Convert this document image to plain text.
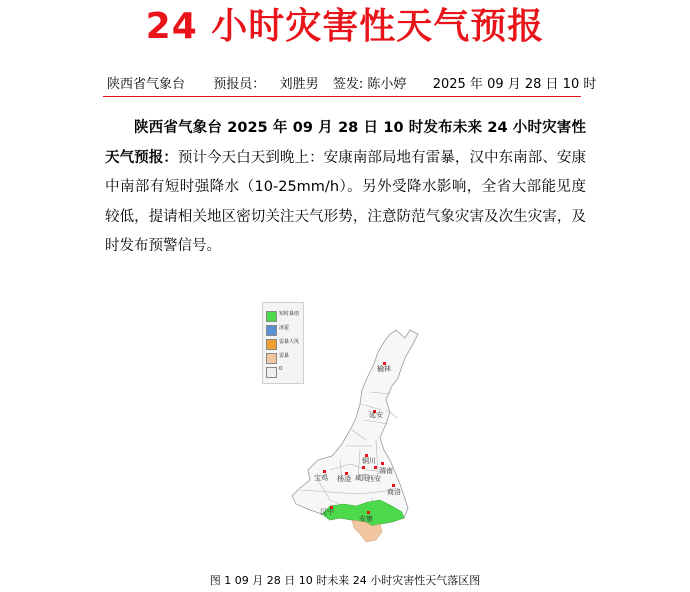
24 小时灾害性天气预报
陕西省气象台 预报员： 刘胜男 签发: 陈小婷 2025 年 09 月 28 日 10 时
陕西省气象台 2025 年 09 月 28 日 10 时发布未来 24 小时灾害性天气预报：预计今天白天到晚上：安康南部局地有雷暴，汉中东南部、安康中南部有短时强降水（10-25mm/h）。另外受降水影响，全省大部能见度较低，提请相关地区密切关注天气形势，注意防范气象灾害及次生灾害，及时发布预警信号。
短时暴雨
冰雹
雷暴大风
雷暴
0	榆林
延安
铜川
宝鸡 杨凌 咸阳
西安
渭南
商洛
汉中
安康
图 1 09 月 28 日 10 时未来 24 小时灾害性天气落区图
